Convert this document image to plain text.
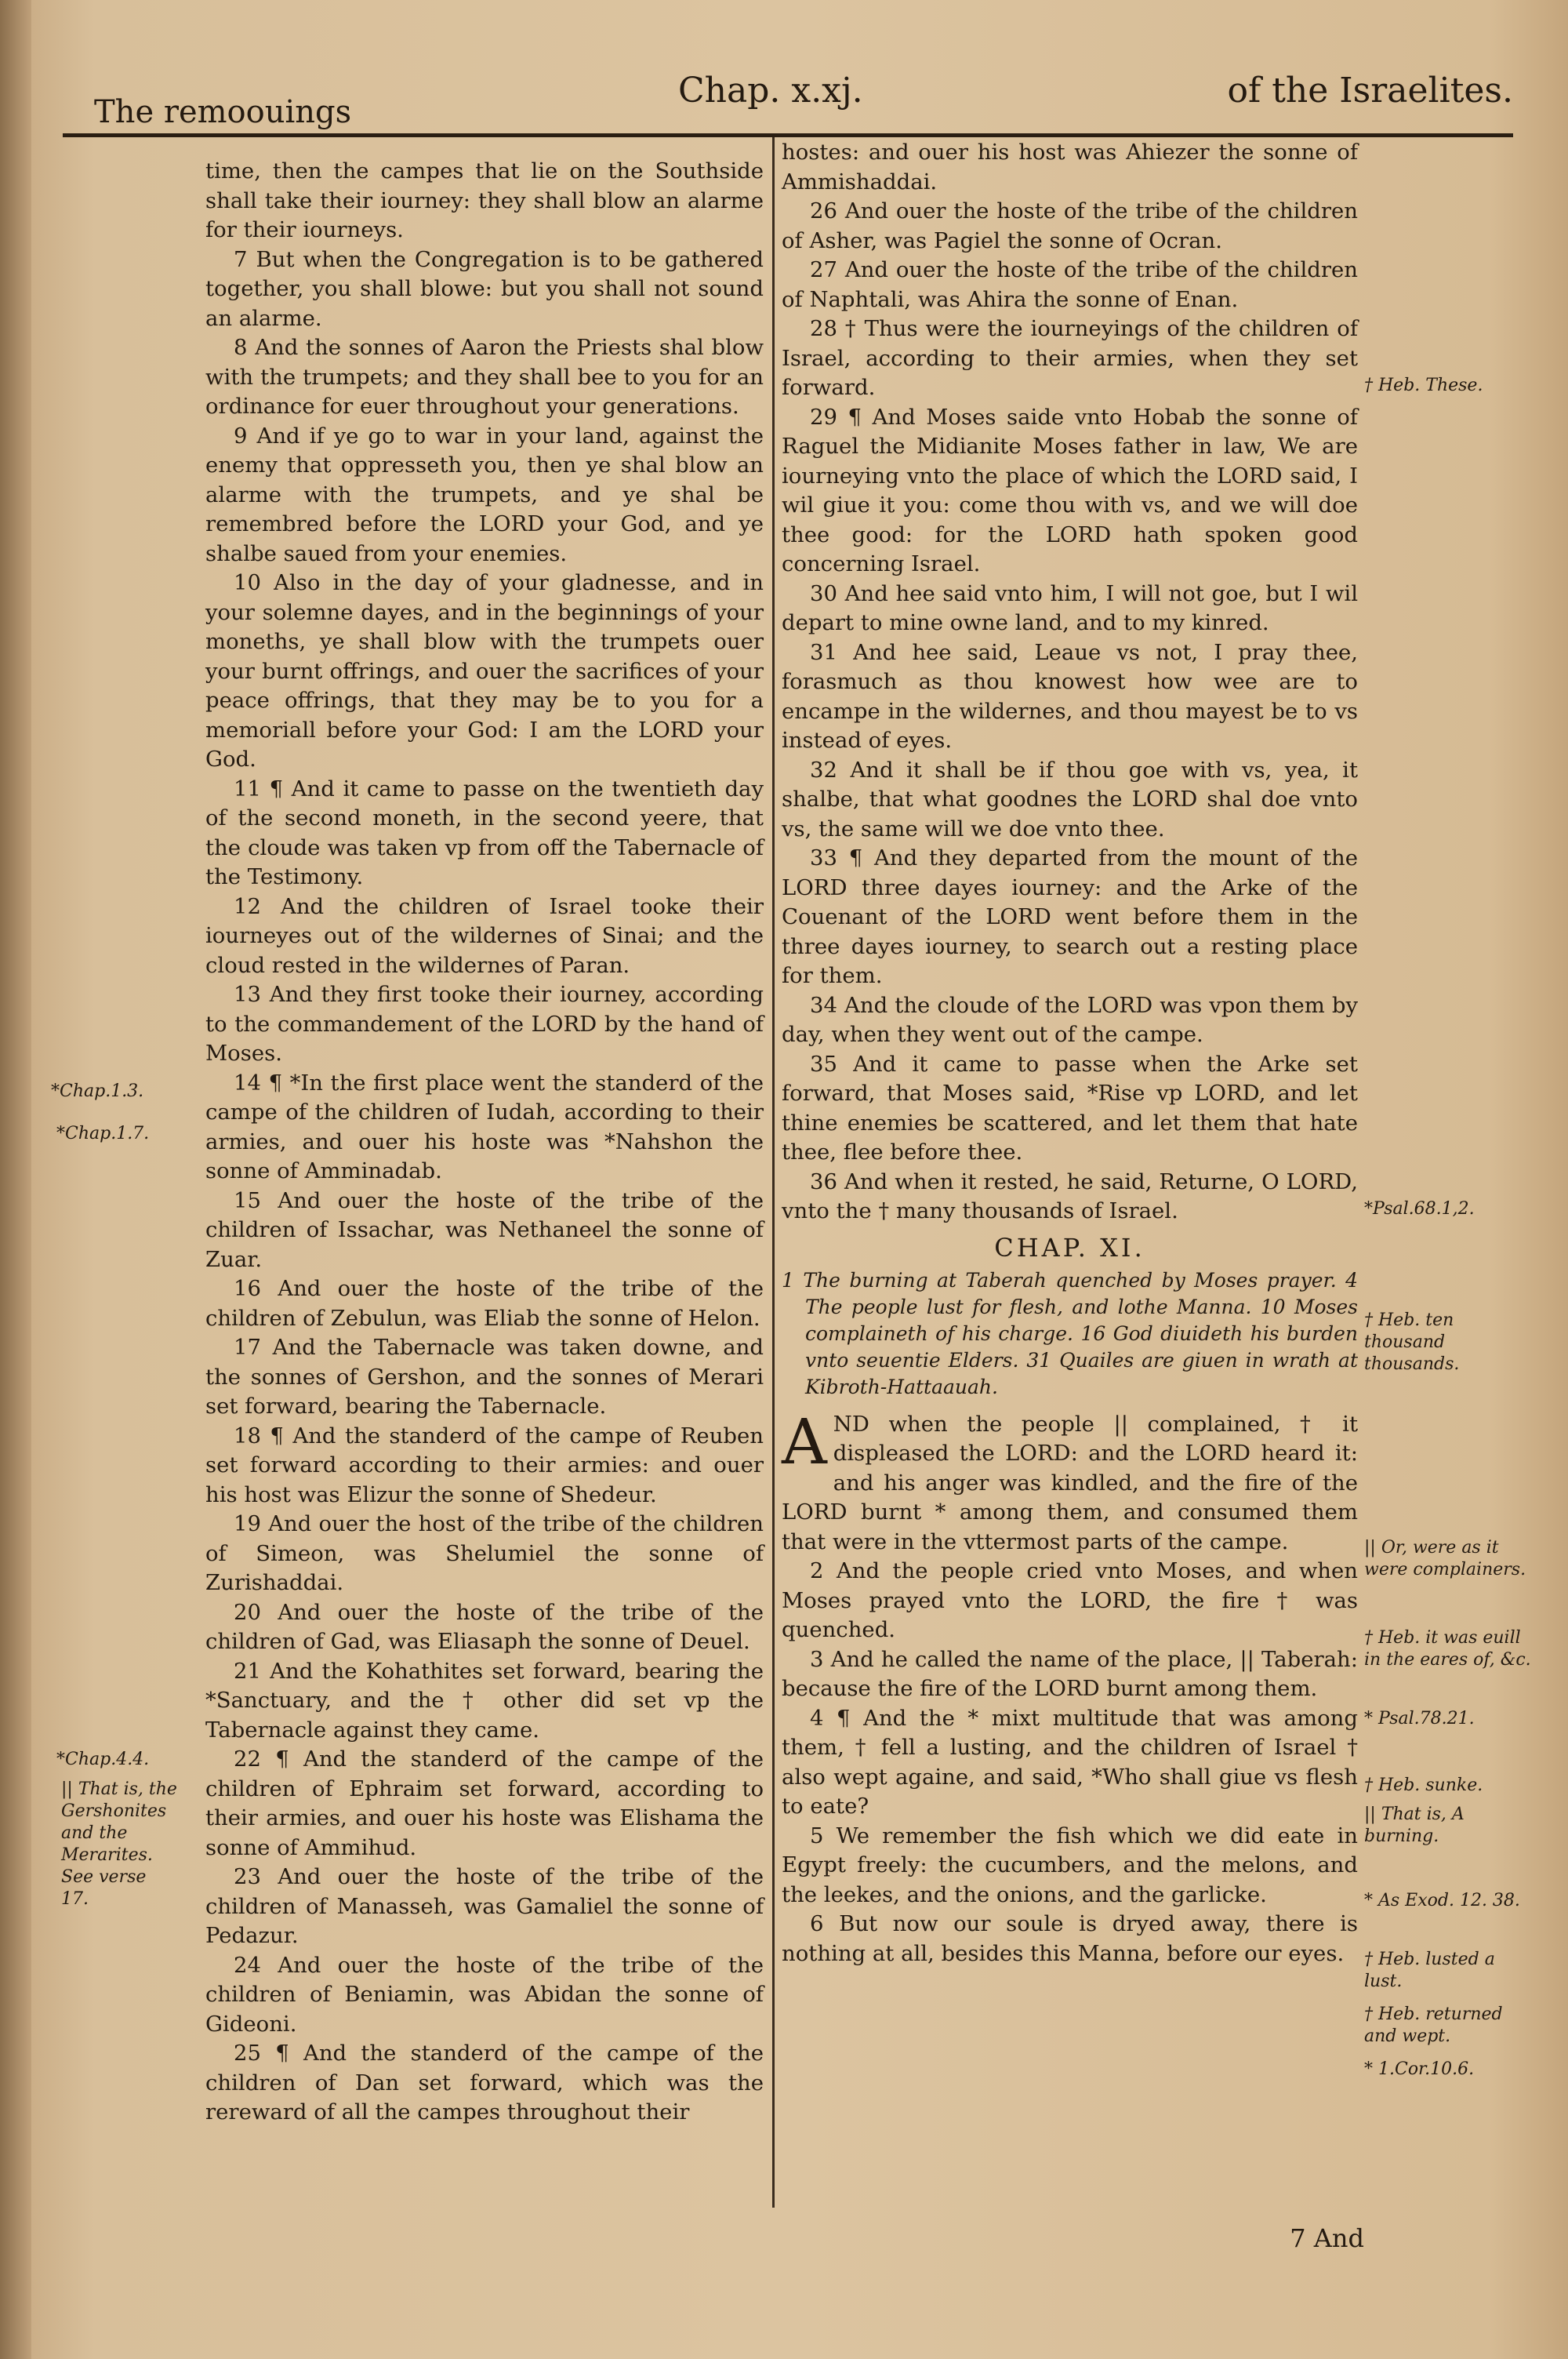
The remoouings
Chap. x.xj.	of the Israelites.

time, then the campes that lie on the Southside shall take their iourney: they shall blow an alarme for their iourneys.

7 But when the Congregation is to be gathered together, you shall blowe: but you shall not sound an alarme.

8 And the sonnes of Aaron the Priests shal blow with the trumpets; and they shall bee to you for an ordinance for euer throughout your generations.

9 And if ye go to war in your land, against the enemy that oppresseth you, then ye shal blow an alarme with the trumpets, and ye shal be remembred before the LORD your God, and ye shalbe saued from your enemies.

10 Also in the day of your gladnesse, and in your solemne dayes, and in the beginnings of your moneths, ye shall blow with the trumpets ouer your burnt offrings, and ouer the sacrifices of your peace offrings, that they may be to you for a memoriall before your God: I am the LORD your God.

11 ¶ And it came to passe on the twentieth day of the second moneth, in the second yeere, that the cloude was taken vp from off the Tabernacle of the Testimony.

12 And the children of Israel tooke their iourneyes out of the wildernes of Sinai; and the cloud rested in the wildernes of Paran.

13 And they first tooke their iourney, according to the commandement of the LORD by the hand of Moses.

14 ¶ *In the first place went the standerd of the campe of the children of Iudah, according to their armies, and ouer his hoste was *Nahshon the sonne of Amminadab.

15 And ouer the hoste of the tribe of the children of Issachar, was Nethaneel the sonne of Zuar.

16 And ouer the hoste of the tribe of the children of Zebulun, was Eliab the sonne of Helon.

17 And the Tabernacle was taken downe, and the sonnes of Gershon, and the sonnes of Merari set forward, bearing the Tabernacle.

18 ¶ And the standerd of the campe of Reuben set forward according to their armies: and ouer his host was Elizur the sonne of Shedeur.

19 And ouer the host of the tribe of the children of Simeon, was Shelumiel the sonne of Zurishaddai.

20 And ouer the hoste of the tribe of the children of Gad, was Eliasaph the sonne of Deuel.

21 And the Kohathites set forward, bearing the *Sanctuary, and the † other did set vp the Tabernacle against they came.

22 ¶ And the standerd of the campe of the children of Ephraim set forward, according to their armies, and ouer his hoste was Elishama the sonne of Ammihud.

23 And ouer the hoste of the tribe of the children of Manasseh, was Gamaliel the sonne of Pedazur.

24 And ouer the hoste of the tribe of the children of Beniamin, was Abidan the sonne of Gideoni.

25 ¶ And the standerd of the campe of the children of Dan set forward, which was the rereward of all the campes throughout their

hostes: and ouer his host was Ahiezer the sonne of Ammishaddai.

26 And ouer the hoste of the tribe of the children of Asher, was Pagiel the sonne of Ocran.

27 And ouer the hoste of the tribe of the children of Naphtali, was Ahira the sonne of Enan.

28 † Thus were the iourneyings of the children of Israel, according to their armies, when they set forward.

29 ¶ And Moses saide vnto Hobab the sonne of Raguel the Midianite Moses father in law, We are iourneying vnto the place of which the LORD said, I wil giue it you: come thou with vs, and we will doe thee good: for the LORD hath spoken good concerning Israel.

30 And hee said vnto him, I will not goe, but I wil depart to mine owne land, and to my kinred.

31 And hee said, Leaue vs not, I pray thee, forasmuch as thou knowest how wee are to encampe in the wildernes, and thou mayest be to vs instead of eyes.

32 And it shall be if thou goe with vs, yea, it shalbe, that what goodnes the LORD shal doe vnto vs, the same will we doe vnto thee.

33 ¶ And they departed from the mount of the LORD three dayes iourney: and the Arke of the Couenant of the LORD went before them in the three dayes iourney, to search out a resting place for them.

34 And the cloude of the LORD was vpon them by day, when they went out of the campe.

35 And it came to passe when the Arke set forward, that Moses said, *Rise vp LORD, and let thine enemies be scattered, and let them that hate thee, flee before thee.

36 And when it rested, he said, Returne, O LORD, vnto the † many thousands of Israel.

CHAP. XI.
1 The burning at Taberah quenched by Moses prayer. 4 The people lust for flesh, and lothe Manna. 10 Moses complaineth of his charge. 16 God diuideth his burden vnto seuentie Elders. 31 Quailes are giuen in wrath at Kibroth-Hattaauah.

AND when the people || complained, † it displeased the LORD: and the LORD heard it: and his anger was kindled, and the fire of the LORD burnt * among them, and consumed them that were in the vttermost parts of the campe.

2 And the people cried vnto Moses, and when Moses prayed vnto the LORD, the fire † was quenched.

3 And he called the name of the place, || Taberah: because the fire of the LORD burnt among them.

4 ¶ And the * mixt multitude that was among them, † fell a lusting, and the children of Israel † also wept againe, and said, *Who shall giue vs flesh to eate?

5 We remember the fish which we did eate in Egypt freely: the cucumbers, and the melons, and the leekes, and the onions, and the garlicke.

6 But now our soule is dryed away, there is nothing at all, besides this Manna, before our eyes.

*Chap.1.3.
*Chap.1.7.
*Chap.4.4.
|| That is, the Gershonites and the Merarites. See verse 17.
† Heb. These.
*Psal.68.1,2.
† Heb. ten thousand thousands.
|| Or, were as it were complainers.
† Heb. it was euill in the eares of, &c.
* Psal.78.21.
† Heb. sunke.
|| That is, A burning.
* As Exod. 12. 38.
† Heb. lusted a lust.
† Heb. returned and wept.
* 1.Cor.10.6.
7 And
